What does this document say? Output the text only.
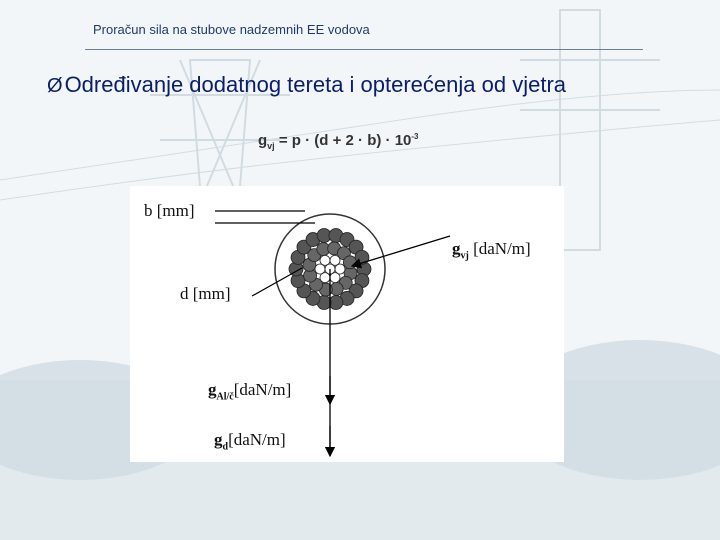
Proračun sila na stubove nadzemnih EE vodova
ØOdređivanje dodatnog tereta i opterećenja od vjetra
$g_{vj} = p \cdot (d + 2 \cdot b) \cdot 10^{-3}$
b [mm]
d [mm]
$g_{vj}$ [daN/m]
$g_{Al/č}[daN/m]$
$g_d[daN/m]$
